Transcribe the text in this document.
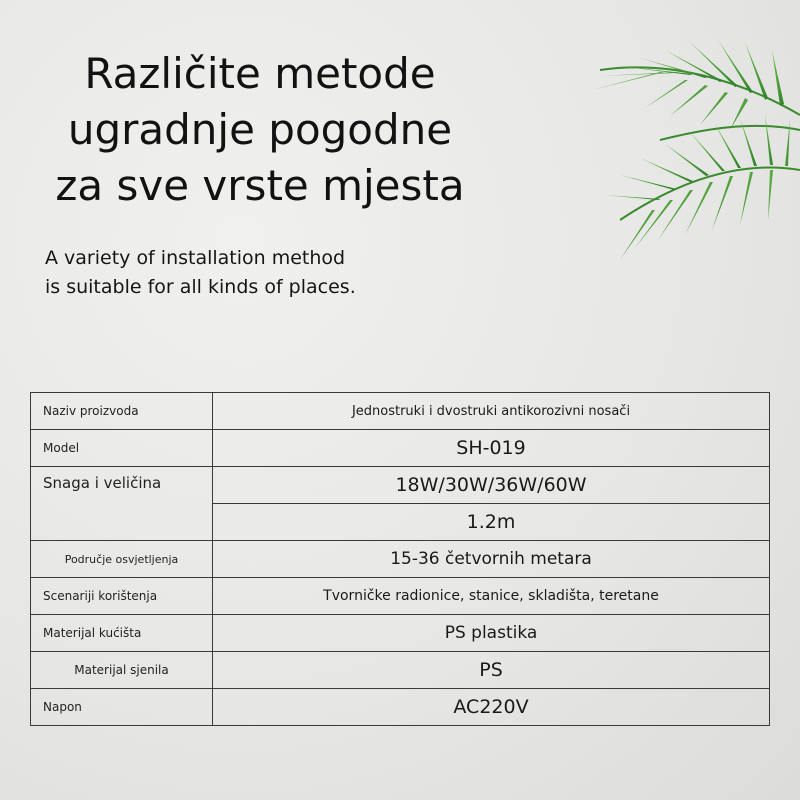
Različite metode
ugradnje pogodne
za sve vrste mjesta
A variety of installation method
is suitable for all kinds of places.
Naziv proizvoda	Jednostruki i dvostruki antikorozivni nosači
Model	SH-019
Snaga i veličina	18W/30W/36W/60W
	1.2m
Područje osvjetljenja	15-36 četvornih metara
Scenariji korištenja	Tvorničke radionice, stanice, skladišta, teretane
Materijal kućišta	PS plastika
Materijal sjenila	PS
Napon	AC220V
